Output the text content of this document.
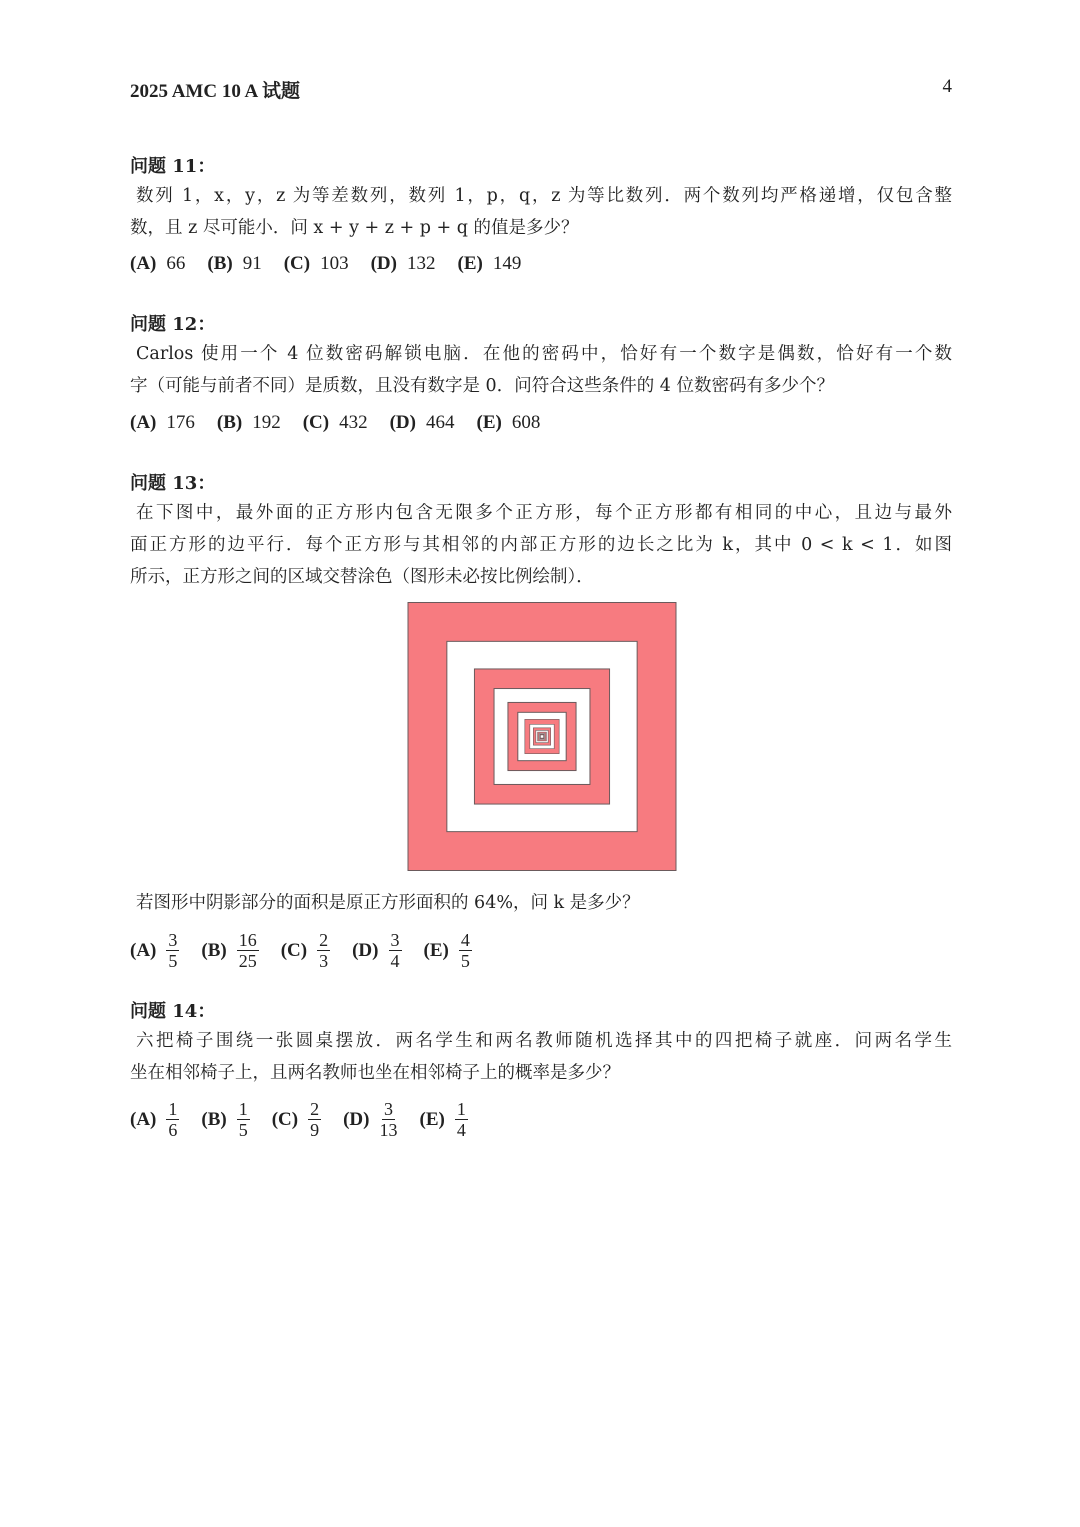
2025 AMC 10 A 试题	4
问题 11：
数列 1，x，y，z 为等差数列，数列 1，p，q，z 为等比数列．两个数列均严格递增，仅包含整
数，且 z 尽可能小．问 x + y + z + p + q 的值是多少？
(A) 66 (B) 91 (C) 103 (D) 132 (E) 149
问题 12：
Carlos 使用一个 4 位数密码解锁电脑．在他的密码中，恰好有一个数字是偶数，恰好有一个数
字（可能与前者不同）是质数，且没有数字是 0．问符合这些条件的 4 位数密码有多少个？
(A) 176 (B) 192 (C) 432 (D) 464 (E) 608
问题 13：
在下图中，最外面的正方形内包含无限多个正方形，每个正方形都有相同的中心，且边与最外
面正方形的边平行．每个正方形与其相邻的内部正方形的边长之比为 k，其中 0 < k < 1．如图
所示，正方形之间的区域交替涂色（图形未必按比例绘制）．
若图形中阴影部分的面积是原正方形面积的 64%，问 k 是多少？
$(A) \frac{3}{5} (B) \frac{16}{25} (C) \frac{2}{3} (D) \frac{3}{4} (E) \frac{4}{5}$
问题 14：
六把椅子围绕一张圆桌摆放．两名学生和两名教师随机选择其中的四把椅子就座．问两名学生
坐在相邻椅子上，且两名教师也坐在相邻椅子上的概率是多少？
$(A) \frac{1}{6} (B) \frac{1}{5} (C) \frac{2}{9} (D) \frac{3}{13} (E) \frac{1}{4}$
